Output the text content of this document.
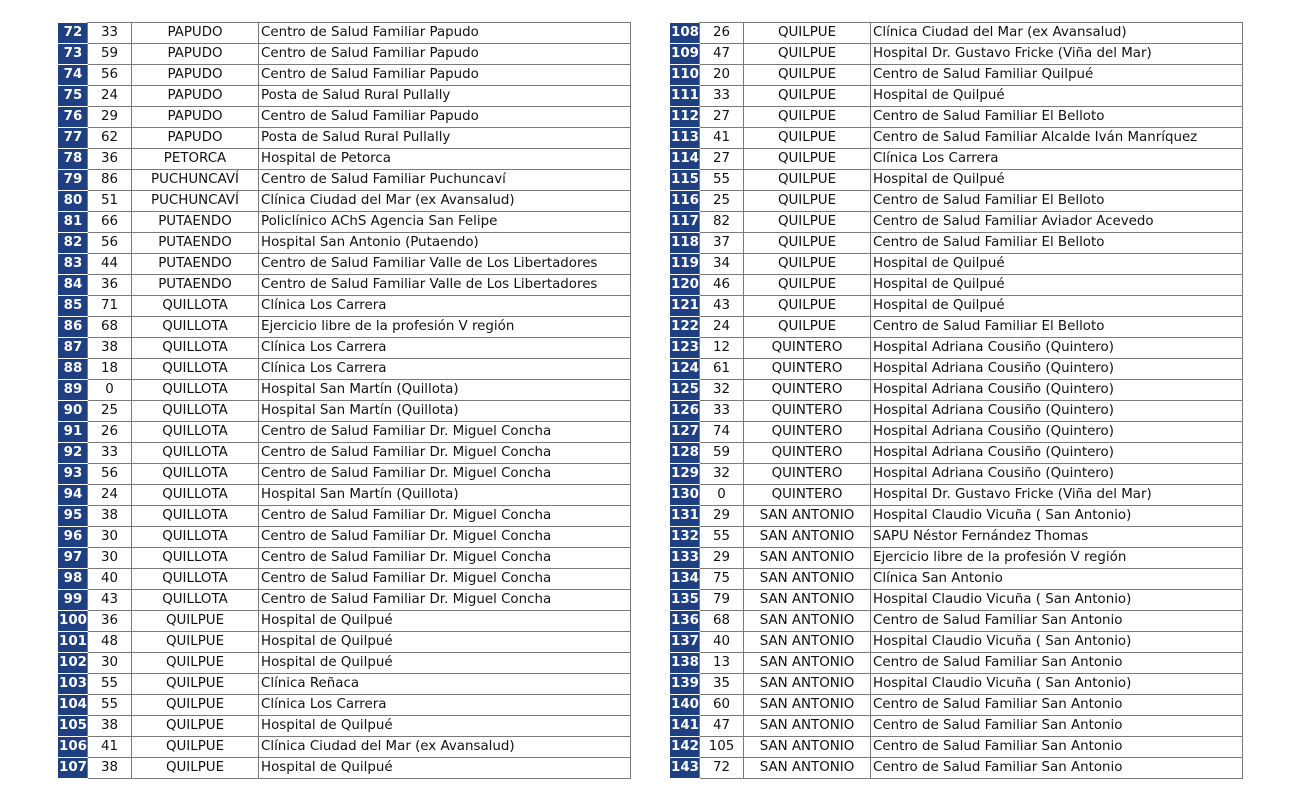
72	33	PAPUDO	Centro de Salud Familiar Papudo
73	59	PAPUDO	Centro de Salud Familiar Papudo
74	56	PAPUDO	Centro de Salud Familiar Papudo
75	24	PAPUDO	Posta de Salud Rural Pullally
76	29	PAPUDO	Centro de Salud Familiar Papudo
77	62	PAPUDO	Posta de Salud Rural Pullally
78	36	PETORCA	Hospital de Petorca
79	86	PUCHUNCAVÍ	Centro de Salud Familiar Puchuncaví
80	51	PUCHUNCAVÍ	Clínica Ciudad del Mar (ex Avansalud)
81	66	PUTAENDO	Policlínico AChS Agencia San Felipe
82	56	PUTAENDO	Hospital San Antonio (Putaendo)
83	44	PUTAENDO	Centro de Salud Familiar Valle de Los Libertadores
84	36	PUTAENDO	Centro de Salud Familiar Valle de Los Libertadores
85	71	QUILLOTA	Clínica Los Carrera
86	68	QUILLOTA	Ejercicio libre de la profesión V región
87	38	QUILLOTA	Clínica Los Carrera
88	18	QUILLOTA	Clínica Los Carrera
89	0	QUILLOTA	Hospital San Martín (Quillota)
90	25	QUILLOTA	Hospital San Martín (Quillota)
91	26	QUILLOTA	Centro de Salud Familiar Dr. Miguel Concha
92	33	QUILLOTA	Centro de Salud Familiar Dr. Miguel Concha
93	56	QUILLOTA	Centro de Salud Familiar Dr. Miguel Concha
94	24	QUILLOTA	Hospital San Martín (Quillota)
95	38	QUILLOTA	Centro de Salud Familiar Dr. Miguel Concha
96	30	QUILLOTA	Centro de Salud Familiar Dr. Miguel Concha
97	30	QUILLOTA	Centro de Salud Familiar Dr. Miguel Concha
98	40	QUILLOTA	Centro de Salud Familiar Dr. Miguel Concha
99	43	QUILLOTA	Centro de Salud Familiar Dr. Miguel Concha
100	36	QUILPUE	Hospital de Quilpué
101	48	QUILPUE	Hospital de Quilpué
102	30	QUILPUE	Hospital de Quilpué
103	55	QUILPUE	Clínica Reñaca
104	55	QUILPUE	Clínica Los Carrera
105	38	QUILPUE	Hospital de Quilpué
106	41	QUILPUE	Clínica Ciudad del Mar (ex Avansalud)
107	38	QUILPUE	Hospital de Quilpué
108	26	QUILPUE	Clínica Ciudad del Mar (ex Avansalud)
109	47	QUILPUE	Hospital Dr. Gustavo Fricke (Viña del Mar)
110	20	QUILPUE	Centro de Salud Familiar Quilpué
111	33	QUILPUE	Hospital de Quilpué
112	27	QUILPUE	Centro de Salud Familiar El Belloto
113	41	QUILPUE	Centro de Salud Familiar Alcalde Iván Manríquez
114	27	QUILPUE	Clínica Los Carrera
115	55	QUILPUE	Hospital de Quilpué
116	25	QUILPUE	Centro de Salud Familiar El Belloto
117	82	QUILPUE	Centro de Salud Familiar Aviador Acevedo
118	37	QUILPUE	Centro de Salud Familiar El Belloto
119	34	QUILPUE	Hospital de Quilpué
120	46	QUILPUE	Hospital de Quilpué
121	43	QUILPUE	Hospital de Quilpué
122	24	QUILPUE	Centro de Salud Familiar El Belloto
123	12	QUINTERO	Hospital Adriana Cousiño (Quintero)
124	61	QUINTERO	Hospital Adriana Cousiño (Quintero)
125	32	QUINTERO	Hospital Adriana Cousiño (Quintero)
126	33	QUINTERO	Hospital Adriana Cousiño (Quintero)
127	74	QUINTERO	Hospital Adriana Cousiño (Quintero)
128	59	QUINTERO	Hospital Adriana Cousiño (Quintero)
129	32	QUINTERO	Hospital Adriana Cousiño (Quintero)
130	0	QUINTERO	Hospital Dr. Gustavo Fricke (Viña del Mar)
131	29	SAN ANTONIO	Hospital Claudio Vicuña ( San Antonio)
132	55	SAN ANTONIO	SAPU Néstor Fernández Thomas
133	29	SAN ANTONIO	Ejercicio libre de la profesión V región
134	75	SAN ANTONIO	Clínica San Antonio
135	79	SAN ANTONIO	Hospital Claudio Vicuña ( San Antonio)
136	68	SAN ANTONIO	Centro de Salud Familiar San Antonio
137	40	SAN ANTONIO	Hospital Claudio Vicuña ( San Antonio)
138	13	SAN ANTONIO	Centro de Salud Familiar San Antonio
139	35	SAN ANTONIO	Hospital Claudio Vicuña ( San Antonio)
140	60	SAN ANTONIO	Centro de Salud Familiar San Antonio
141	47	SAN ANTONIO	Centro de Salud Familiar San Antonio
142	105	SAN ANTONIO	Centro de Salud Familiar San Antonio
143	72	SAN ANTONIO	Centro de Salud Familiar San Antonio
